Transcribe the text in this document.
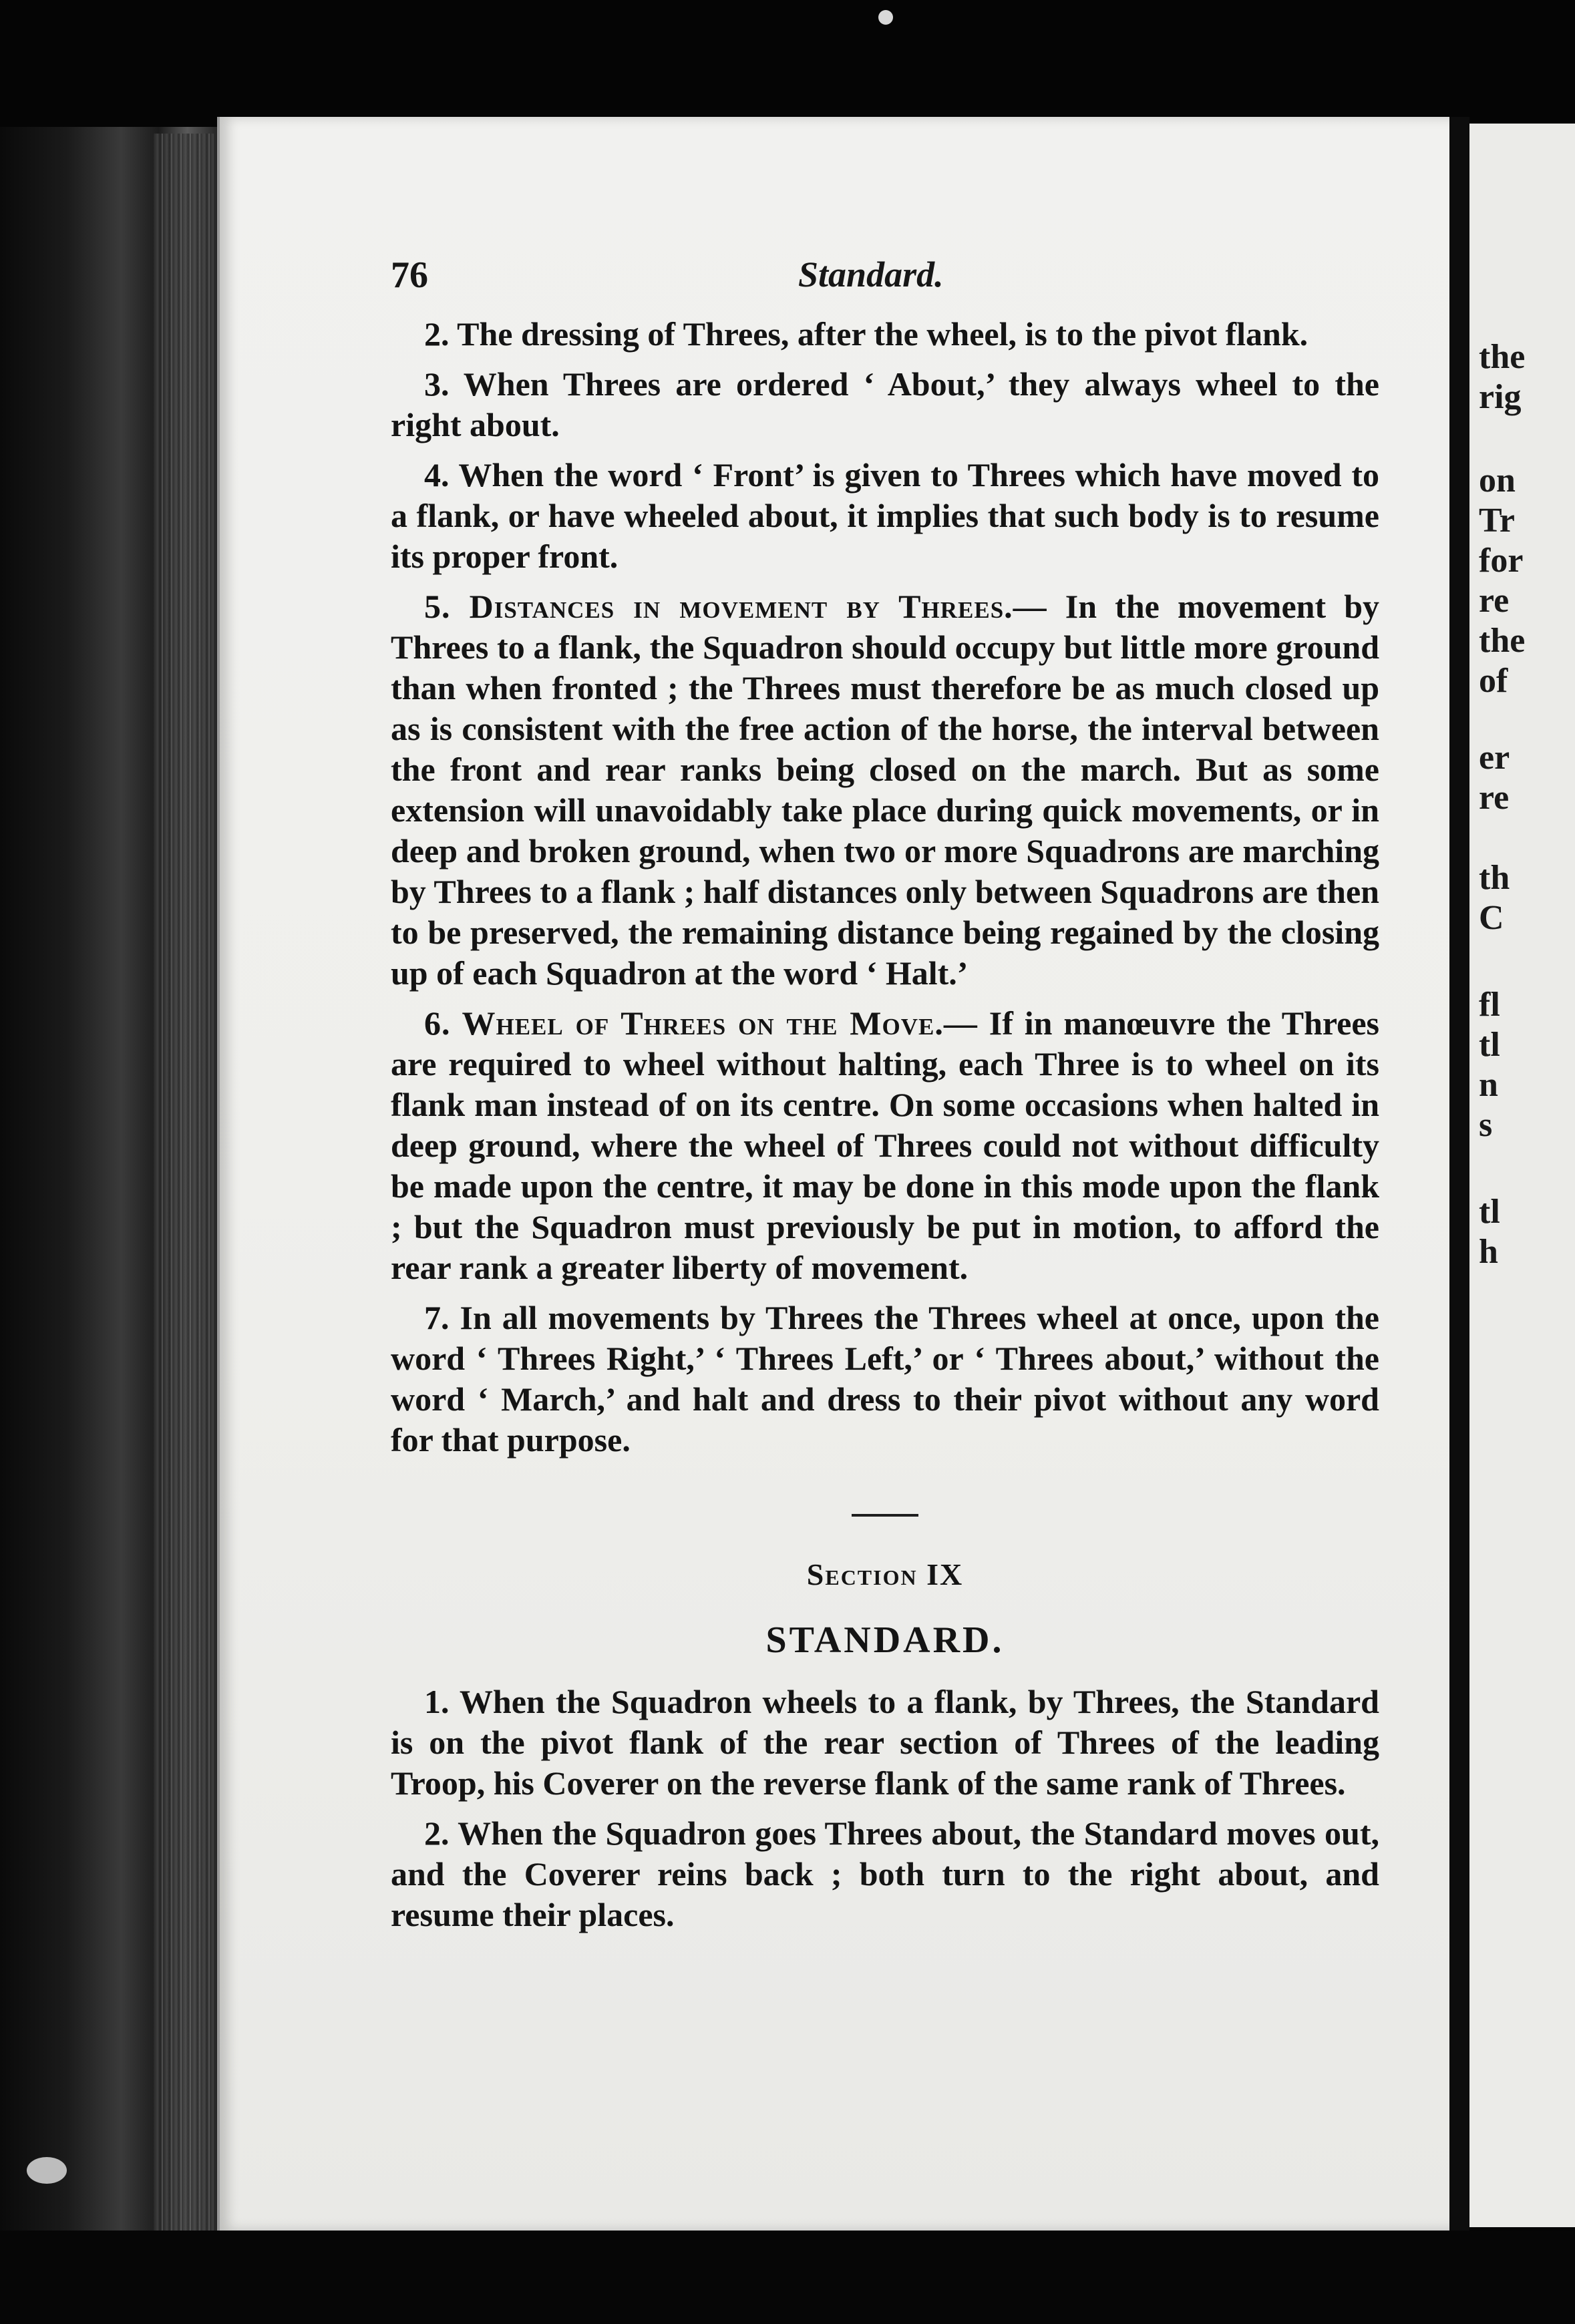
the
rig
on
Tr
for
re
the
of
er
re
th
C
fl
tl
n
s
tl
h
76	Standard.

2. The dressing of Threes, after the wheel, is to the pivot flank.

3. When Threes are ordered ‘ About,’ they always wheel to the right about.

4. When the word ‘ Front’ is given to Threes which have moved to a flank, or have wheeled about, it implies that such body is to resume its proper front.

5. Distances in movement by Threes.— In the movement by Threes to a flank, the Squadron should occupy but little more ground than when fronted ; the Threes must therefore be as much closed up as is consistent with the free action of the horse, the interval between the front and rear ranks being closed on the march. But as some extension will unavoidably take place during quick movements, or in deep and broken ground, when two or more Squadrons are marching by Threes to a flank ; half distances only between Squadrons are then to be preserved, the remaining distance being regained by the closing up of each Squadron at the word ‘ Halt.’

6. Wheel of Threes on the Move.— If in manœuvre the Threes are required to wheel without halting, each Three is to wheel on its flank man instead of on its centre. On some occasions when halted in deep ground, where the wheel of Threes could not without difficulty be made upon the centre, it may be done in this mode upon the flank ; but the Squadron must previously be put in motion, to afford the rear rank a greater liberty of movement.

7. In all movements by Threes the Threes wheel at once, upon the word ‘ Threes Right,’ ‘ Threes Left,’ or ‘ Threes about,’ without the word ‘ March,’ and halt and dress to their pivot without any word for that purpose.

Section IX
STANDARD.

1. When the Squadron wheels to a flank, by Threes, the Standard is on the pivot flank of the rear section of Threes of the leading Troop, his Coverer on the reverse flank of the same rank of Threes.

2. When the Squadron goes Threes about, the Standard moves out, and the Coverer reins back ; both turn to the right about, and resume their places.
